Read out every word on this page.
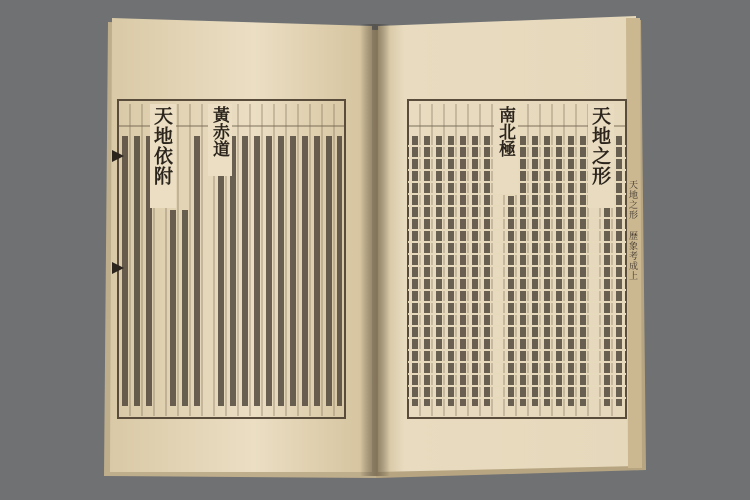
天地依附 黃赤道	南北極	天地之形
天地之形 歷象考成上
